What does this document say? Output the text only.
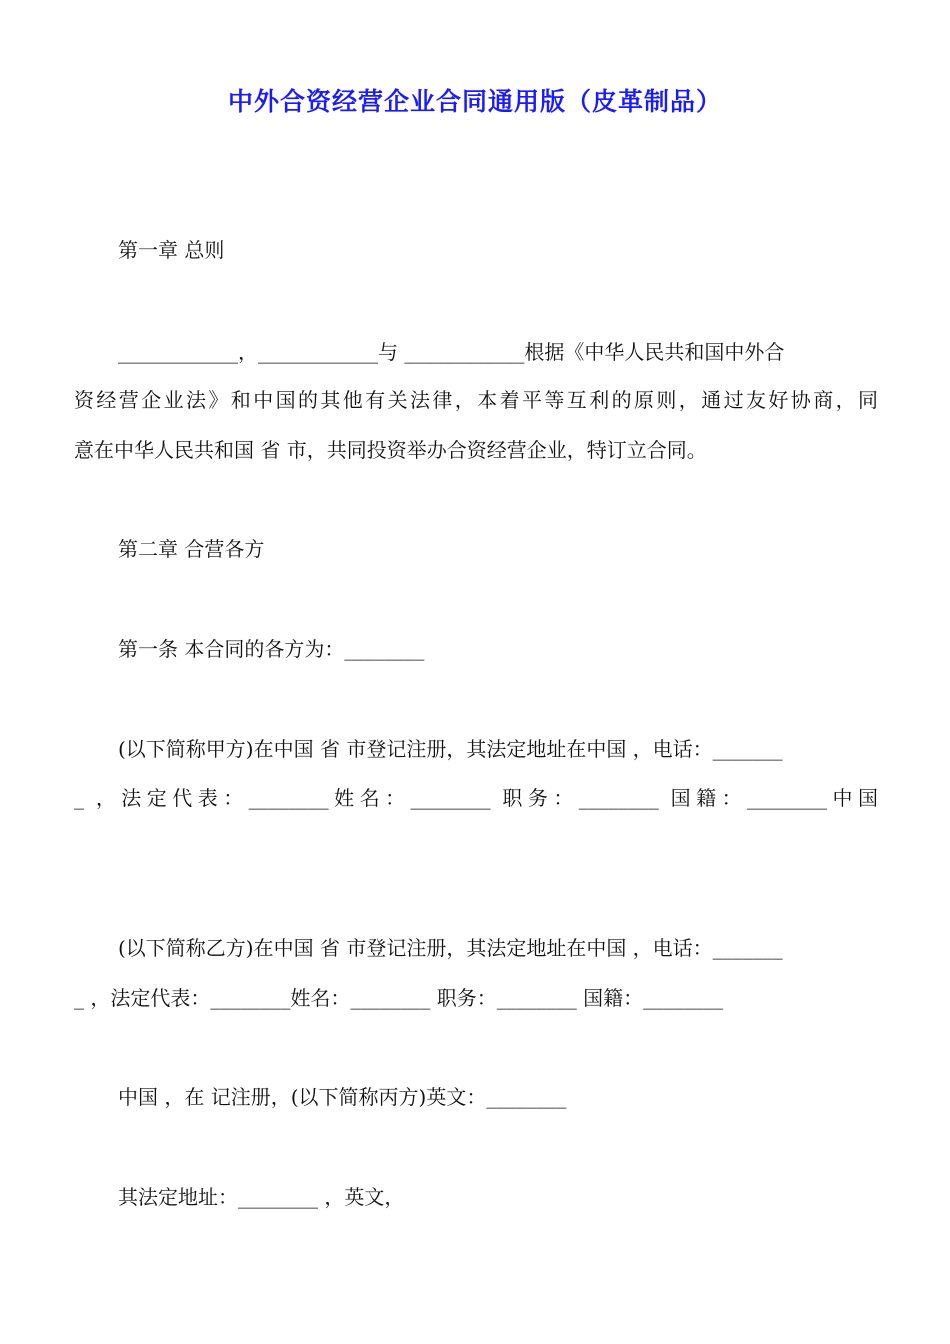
中外合资经营企业合同通用版（皮革制品）
第一章 总则
____________，____________与 ____________根据《中华人民共和国中外合
资经营企业法》和中国的其他有关法律，本着平等互利的原则，通过友好协商，同
意在中华人民共和国 省 市，共同投资举办合资经营企业，特订立合同。
第二章 合营各方
第一条 本合同的各方为：________
(以下简称甲方)在中国 省 市登记注册，其法定地址在中国 ，电话：_______
_ ，法定代表：________姓名：________ 职务：________ 国籍：________中国
(以下简称乙方)在中国 省 市登记注册，其法定地址在中国 ，电话：_______
_ ，法定代表：________姓名：________ 职务：________ 国籍：________
中国 ，在 记注册，(以下简称丙方)英文：________
其法定地址：________ ，英文，
